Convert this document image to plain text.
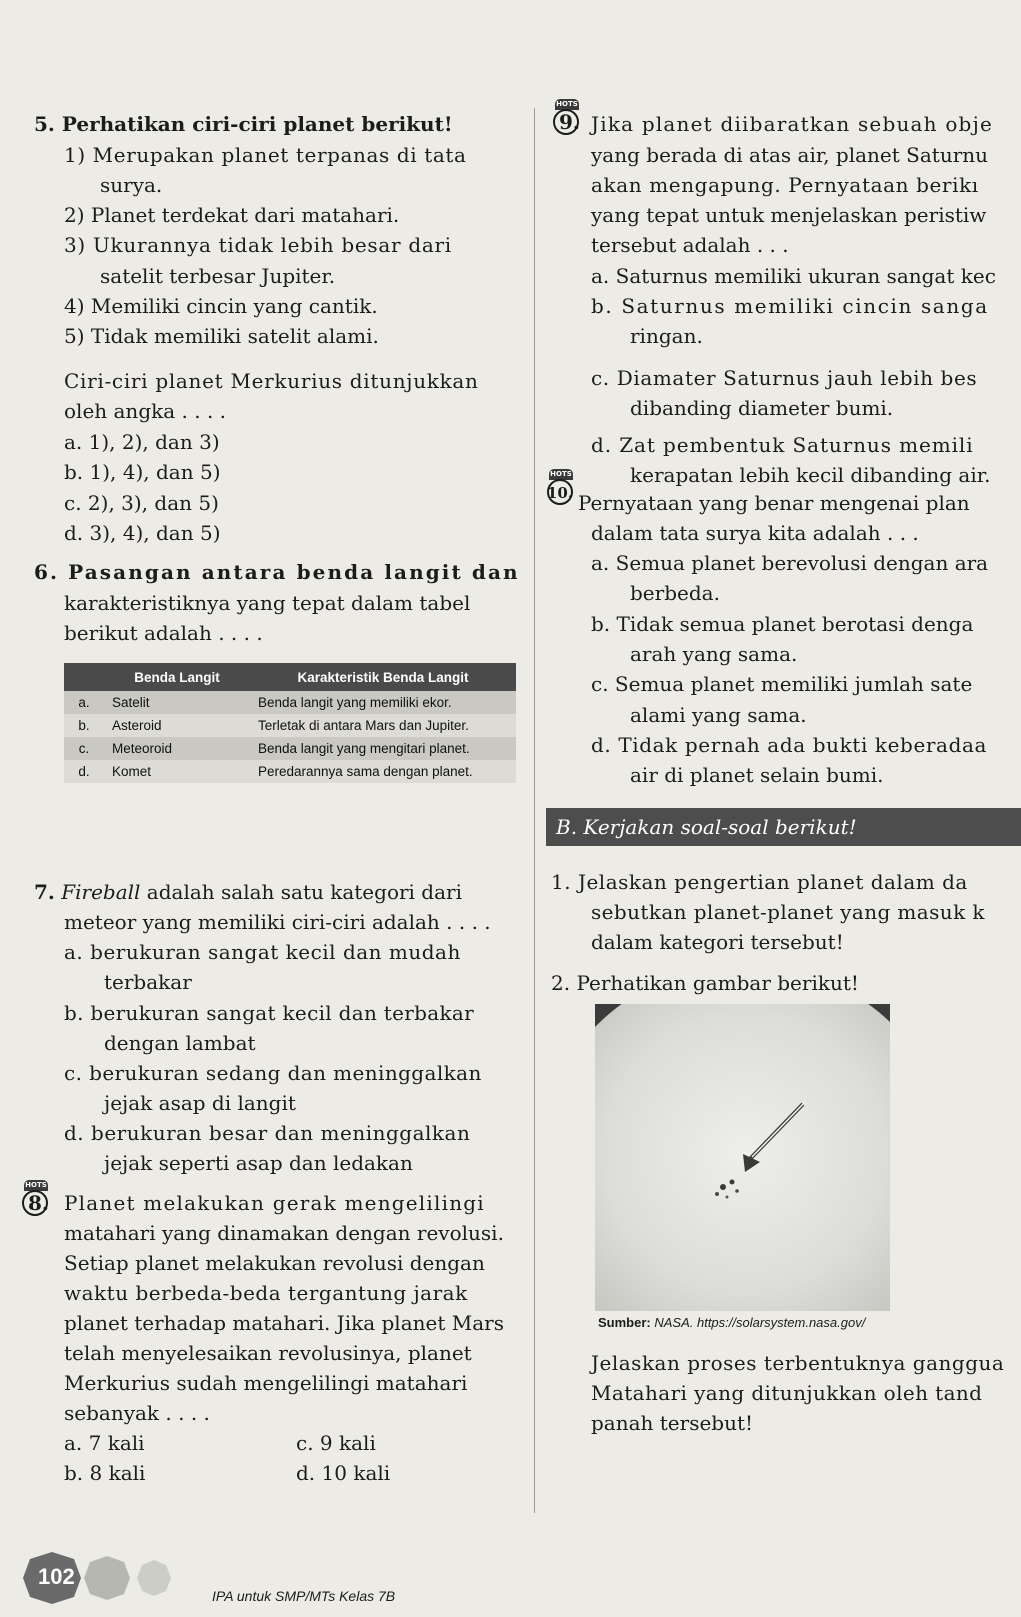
5. Perhatikan ciri-ciri planet berikut!
1) Merupakan planet terpanas di tata
surya.
2) Planet terdekat dari matahari.
3) Ukurannya tidak lebih besar dari
satelit terbesar Jupiter.
4) Memiliki cincin yang cantik.
5) Tidak memiliki satelit alami.
Ciri-ciri planet Merkurius ditunjukkan
oleh angka . . . .
a. 1), 2), dan 3)
b. 1), 4), dan 5)
c. 2), 3), dan 5)
d. 3), 4), dan 5)
6. Pasangan antara benda langit dan
karakteristiknya yang tepat dalam tabel
berikut adalah . . . .
	Benda Langit	Karakteristik Benda Langit
a.	Satelit	Benda langit yang memiliki ekor.
b.	Asteroid	Terletak di antara Mars dan Jupiter.
c.	Meteoroid	Benda langit yang mengitari planet.
d.	Komet	Peredarannya sama dengan planet.
7. Fireball adalah salah satu kategori dari
meteor yang memiliki ciri-ciri adalah . . . .
a. berukuran sangat kecil dan mudah
terbakar
b. berukuran sangat kecil dan terbakar
dengan lambat
c. berukuran sedang dan meninggalkan
jejak asap di langit
d. berukuran besar dan meninggalkan
jejak seperti asap dan ledakan
HOTS
8. Planet melakukan gerak mengelilingi
matahari yang dinamakan dengan revolusi.
Setiap planet melakukan revolusi dengan
waktu berbeda-beda tergantung jarak
planet terhadap matahari. Jika planet Mars
telah menyelesaikan revolusinya, planet
Merkurius sudah mengelilingi matahari
sebanyak . . . .
a. 7 kali
b. 8 kali
c. 9 kali
d. 10 kali
HOTS
9. Jika planet diibaratkan sebuah obje
yang berada di atas air, planet Saturnu
akan mengapung. Pernyataan berikı
yang tepat untuk menjelaskan peristiw
tersebut adalah . . .
a. Saturnus memiliki ukuran sangat kec
b. Saturnus memiliki cincin sanga
ringan.
c. Diamater Saturnus jauh lebih bes
dibanding diameter bumi.
d. Zat pembentuk Saturnus memili
kerapatan lebih kecil dibanding air.
HOTS
10. Pernyataan yang benar mengenai plan
dalam tata surya kita adalah . . .
a. Semua planet berevolusi dengan ara
berbeda.
b. Tidak semua planet berotasi denga
arah yang sama.
c. Semua planet memiliki jumlah sate
alami yang sama.
d. Tidak pernah ada bukti keberadaa
air di planet selain bumi.
B. Kerjakan soal-soal berikut!
1. Jelaskan pengertian planet dalam da
sebutkan planet-planet yang masuk k
dalam kategori tersebut!
2. Perhatikan gambar berikut!
Sumber: NASA. https://solarsystem.nasa.gov/
Jelaskan proses terbentuknya ganggua
Matahari yang ditunjukkan oleh tand
panah tersebut!
102
IPA untuk SMP/MTs Kelas 7B
